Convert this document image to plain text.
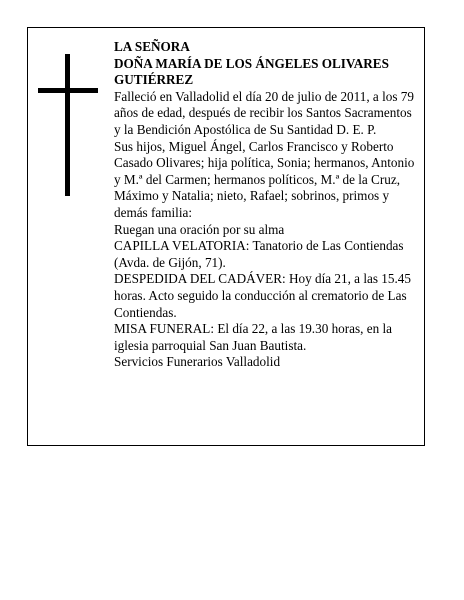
LA SEÑORA

DOÑA MARÍA DE LOS ÁNGELES OLIVARES GUTIÉRREZ

Falleció en Valladolid el día 20 de julio de 2011, a los 79 años de edad, después de recibir los Santos Sacramentos y la Bendición Apostólica de Su Santidad D. E. P.

Sus hijos, Miguel Ángel, Carlos Francisco y Roberto Casado Olivares; hija política, Sonia; hermanos, Antonio y M.ª del Carmen; hermanos políticos, M.ª de la Cruz, Máximo y Natalia; nieto, Rafael; sobrinos, primos y demás familia:

Ruegan una oración por su alma

CAPILLA VELATORIA: Tanatorio de Las Contiendas (Avda. de Gijón, 71).

DESPEDIDA DEL CADÁVER: Hoy día 21, a las 15.45 horas. Acto seguido la conducción al crematorio de Las Contiendas.

MISA FUNERAL: El día 22, a las 19.30 horas, en la iglesia parroquial San Juan Bautista.

Servicios Funerarios Valladolid
